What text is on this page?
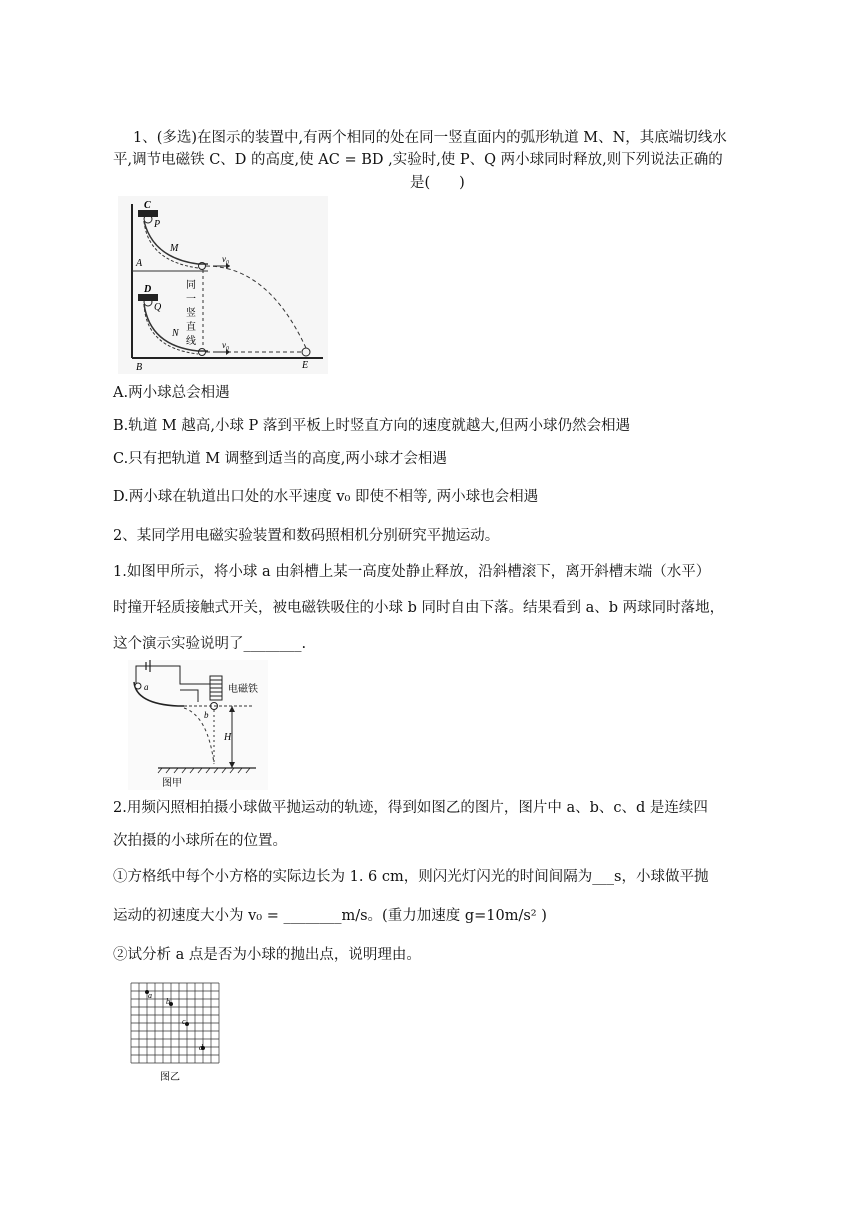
1、(多选)在图示的装置中,有两个相同的处在同一竖直面内的弧形轨道 M、N，其底端切线水
平,调节电磁铁 C、D 的高度,使 AC = BD ,实验时,使 P、Q 两小球同时释放,则下列说法正确的
是(　　)
C
P
M
A	v₀
D
Q
N
B
v₀
E
同
一
竖
直
线
A.两小球总会相遇
B.轨道 M 越高,小球 P 落到平板上时竖直方向的速度就越大,但两小球仍然会相遇
C.只有把轨道 M 调整到适当的高度,两小球才会相遇
D.两小球在轨道出口处的水平速度 v₀ 即使不相等, 两小球也会相遇
2、某同学用电磁实验装置和数码照相机分别研究平抛运动。
1.如图甲所示，将小球 a 由斜槽上某一高度处静止释放，沿斜槽滚下，离开斜槽末端（水平）
时撞开轻质接触式开关，被电磁铁吸住的小球 b 同时自由下落。结果看到 a、b 两球同时落地，
这个演示实验说明了________.
电磁铁
a
b
H
图甲
2.用频闪照相拍摄小球做平抛运动的轨迹，得到如图乙的图片，图片中 a、b、c、d 是连续四
次拍摄的小球所在的位置。
①方格纸中每个小方格的实际边长为 1. 6 cm，则闪光灯闪光的时间间隔为___s，小球做平抛
运动的初速度大小为 v₀ = ________m/s。(重力加速度 g=10m/s² )
②试分析 a 点是否为小球的抛出点，说明理由。
a
b
c
d
图乙
